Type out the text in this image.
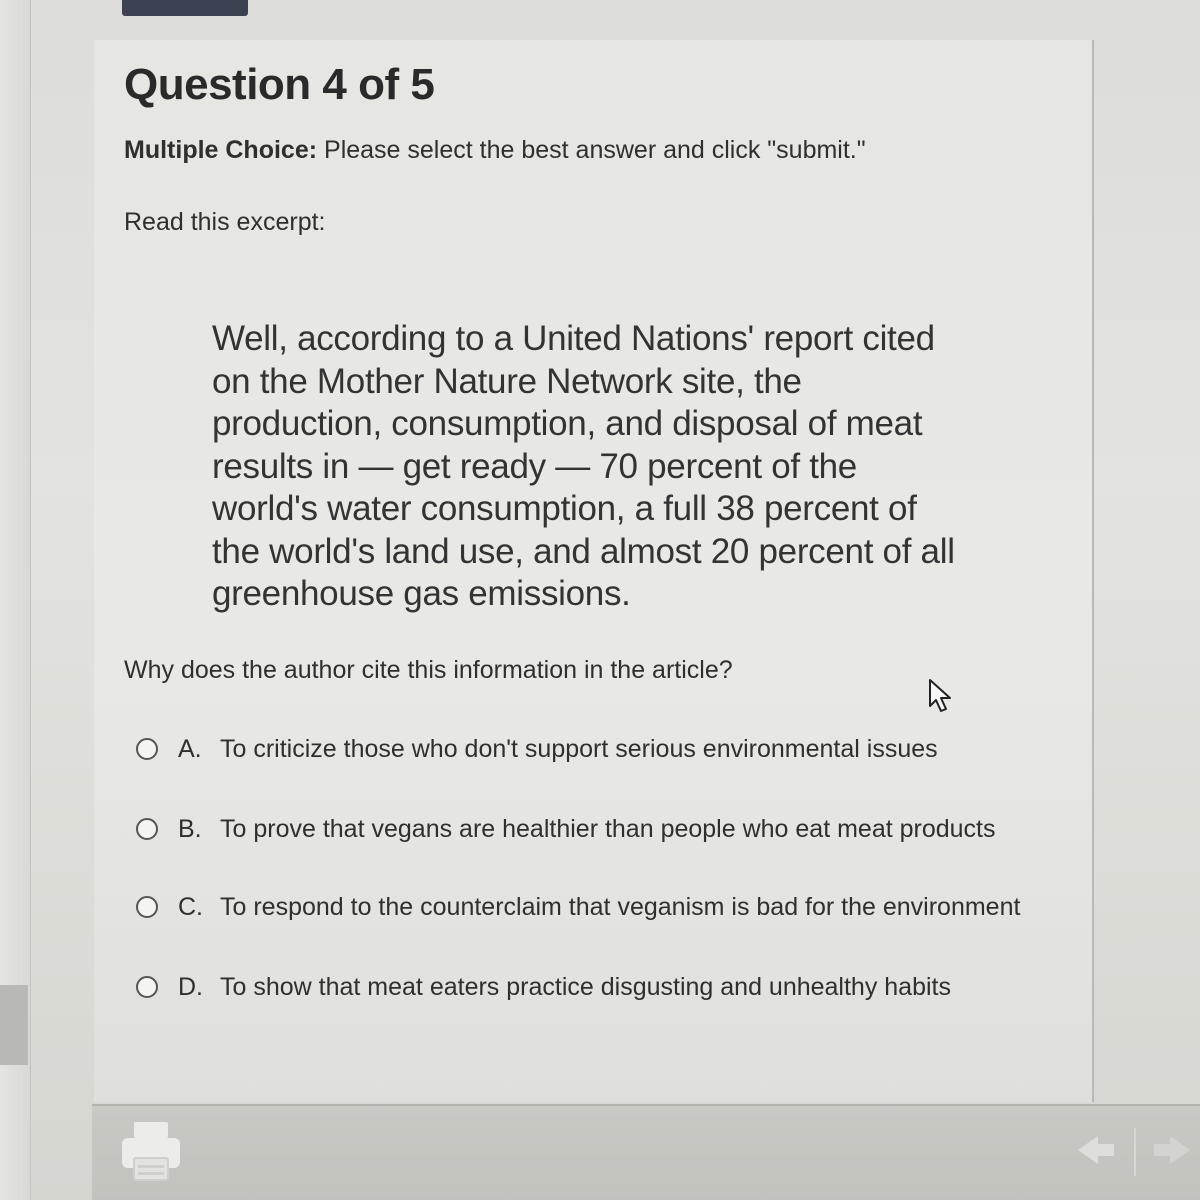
Question 4 of 5
Multiple Choice: Please select the best answer and click "submit."
Read this excerpt:
Well, according to a United Nations' report cited
on the Mother Nature Network site, the
production, consumption, and disposal of meat
results in — get ready — 70 percent of the
world's water consumption, a full 38 percent of
the world's land use, and almost 20 percent of all
greenhouse gas emissions.
Why does the author cite this information in the article?
A. To criticize those who don't support serious environmental issues
B. To prove that vegans are healthier than people who eat meat products
C. To respond to the counterclaim that veganism is bad for the environment
D. To show that meat eaters practice disgusting and unhealthy habits
